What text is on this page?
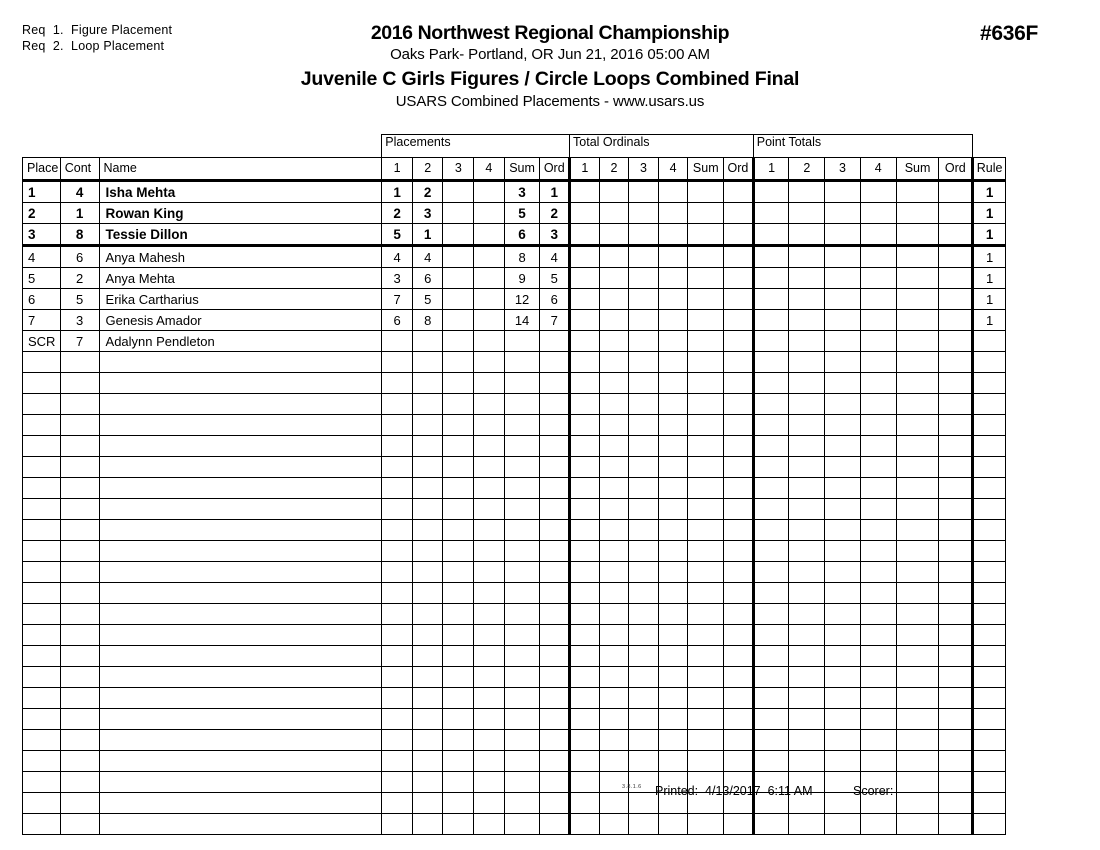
Req  1.  Figure Placement
Req  2.  Loop Placement
#636F
2016 Northwest Regional Championship
Oaks Park- Portland, OR Jun 21, 2016 05:00 AM
Juvenile C Girls Figures / Circle Loops Combined Final
USARS Combined Placements - www.usars.us
			Placements						Total Ordinals						Point Totals						
Place	Cont	Name	1	2	3	4	Sum	Ord	1	2	3	4	Sum	Ord	1	2	3	4	Sum	Ord	Rule
1	4	Isha Mehta	1	2			3	1													1
2	1	Rowan King	2	3			5	2													1
3	8	Tessie Dillon	5	1			6	3													1
4	6	Anya Mahesh	4	4			8	4													1
5	2	Anya Mehta	3	6			9	5													1
6	5	Erika Cartharius	7	5			12	6													1
7	3	Genesis Amador	6	8			14	7													1
SCR	7	Adalynn Pendleton																			

3.8.1.6 Printed:  4/13/2017  6:11 AM	Scorer:
